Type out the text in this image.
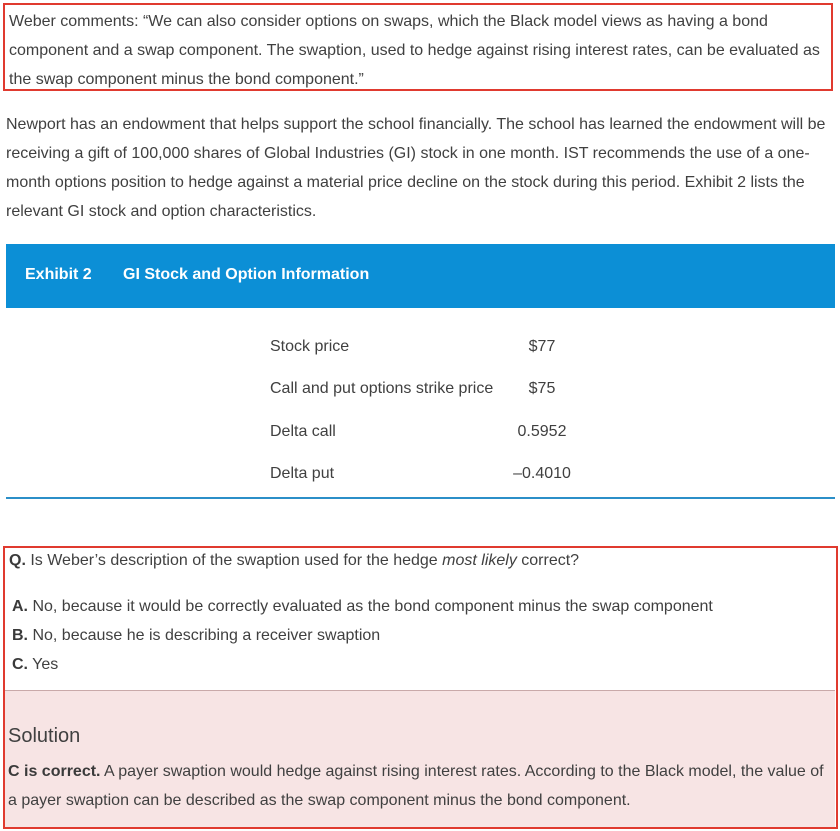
Weber comments: “We can also consider options on swaps, which the Black model views as having a bond component and a swap component. The swaption, used to hedge against rising interest rates, can be evaluated as the swap component minus the bond component.”

Newport has an endowment that helps support the school financially. The school has learned the endowment will be receiving a gift of 100,000 shares of Global Industries (GI) stock in one month. IST recommends the use of a one-month options position to hedge against a material price decline on the stock during this period. Exhibit 2 lists the relevant GI stock and option characteristics.

Exhibit 2 GI Stock and Option Information
Stock price	$77
Call and put options strike price	$75
Delta call	0.5952
Delta put	–0.4010
Q. Is Weber’s description of the swaption used for the hedge most likely correct?
A. No, because it would be correctly evaluated as the bond component minus the swap component
B. No, because he is describing a receiver swaption
C. Yes
Solution

C is correct. A payer swaption would hedge against rising interest rates. According to the Black model, the value of a payer swaption can be described as the swap component minus the bond component.
